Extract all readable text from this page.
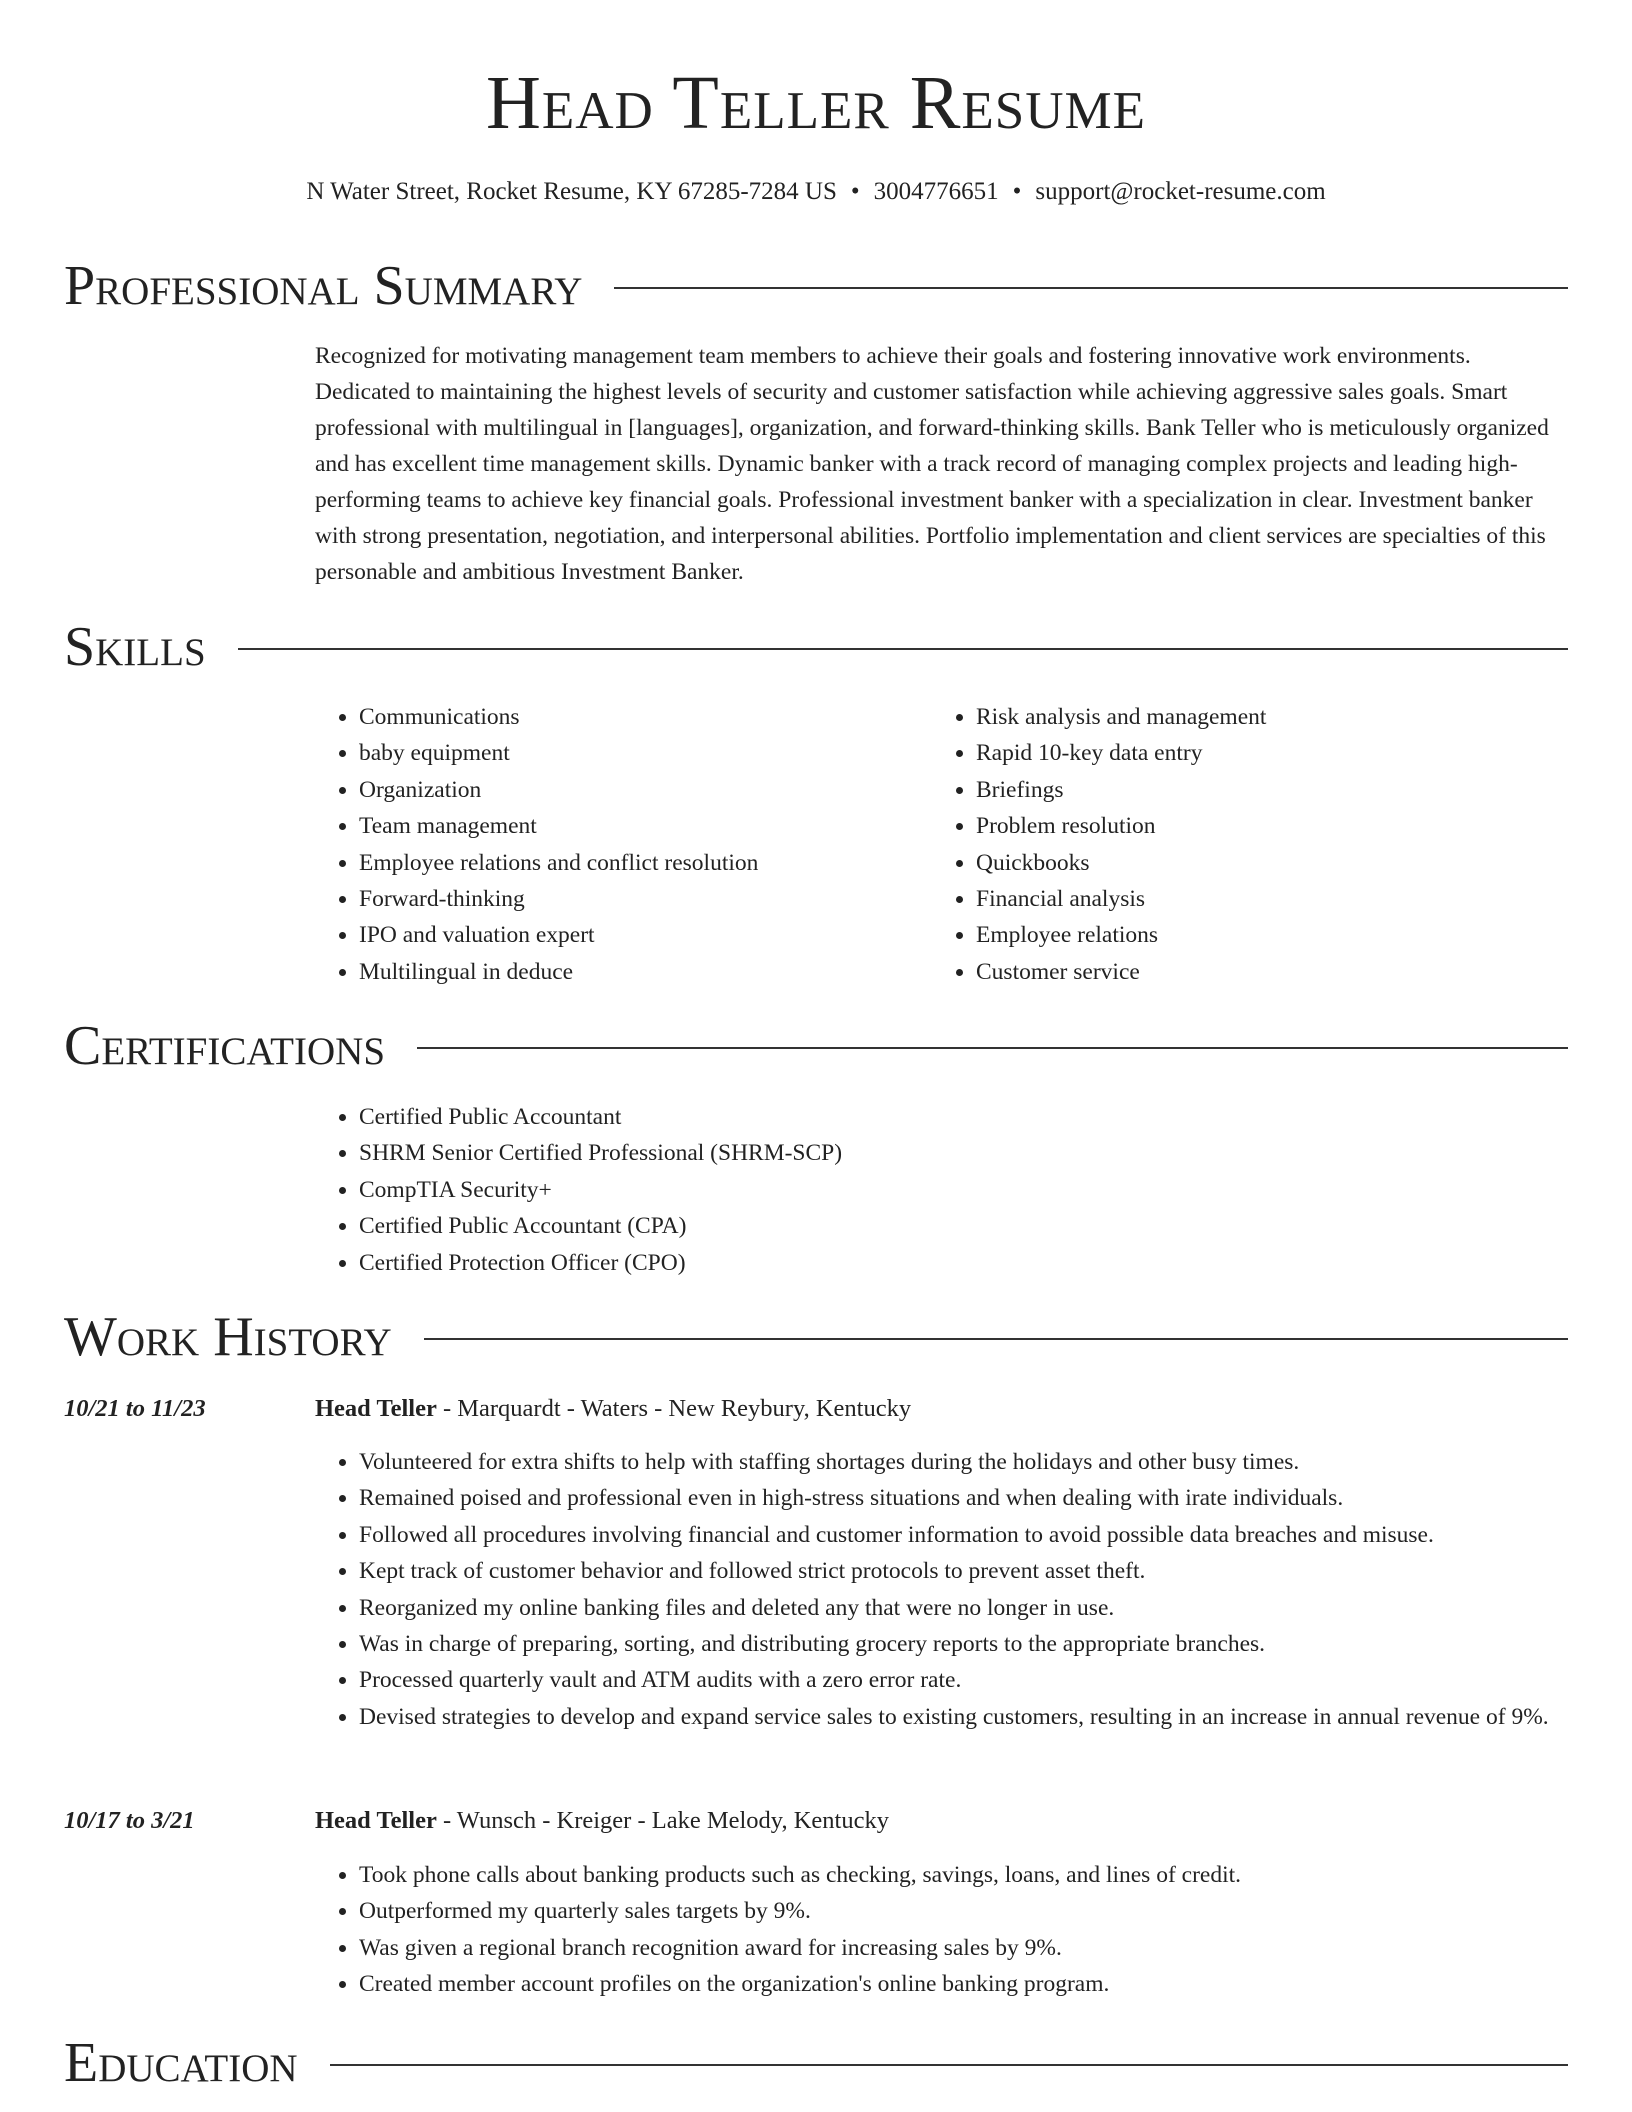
Head Teller Resume
N Water Street, Rocket Resume, KY 67285-7284 US • 3004776651 • support@rocket-resume.com
Professional Summary

Recognized for motivating management team members to achieve their goals and fostering innovative work environments. Dedicated to maintaining the highest levels of security and customer satisfaction while achieving aggressive sales goals. Smart professional with multilingual in [languages], organization, and forward-thinking skills. Bank Teller who is meticulously organized and has excellent time management skills. Dynamic banker with a track record of managing complex projects and leading high-performing teams to achieve key financial goals. Professional investment banker with a specialization in clear. Investment banker with strong presentation, negotiation, and interpersonal abilities. Portfolio implementation and client services are specialties of this personable and ambitious Investment Banker.

Skills
• Communications
• baby equipment
• Organization
• Team management
• Employee relations and conflict resolution
• Forward-thinking
• IPO and valuation expert
• Multilingual in deduce
• Risk analysis and management
• Rapid 10-key data entry
• Briefings
• Problem resolution
• Quickbooks
• Financial analysis
• Employee relations
• Customer service
Certifications
• Certified Public Accountant
• SHRM Senior Certified Professional (SHRM-SCP)
• CompTIA Security+
• Certified Public Accountant (CPA)
• Certified Protection Officer (CPO)
Work History
10/21 to 11/23	Head Teller - Marquardt - Waters - New Reybury, Kentucky
• Volunteered for extra shifts to help with staffing shortages during the holidays and other busy times.
• Remained poised and professional even in high-stress situations and when dealing with irate individuals.
• Followed all procedures involving financial and customer information to avoid possible data breaches and misuse.
• Kept track of customer behavior and followed strict protocols to prevent asset theft.
• Reorganized my online banking files and deleted any that were no longer in use.
• Was in charge of preparing, sorting, and distributing grocery reports to the appropriate branches.
• Processed quarterly vault and ATM audits with a zero error rate.
• Devised strategies to develop and expand service sales to existing customers, resulting in an increase in annual revenue of 9%.
10/17 to 3/21	Head Teller - Wunsch - Kreiger - Lake Melody, Kentucky
• Took phone calls about banking products such as checking, savings, loans, and lines of credit.
• Outperformed my quarterly sales targets by 9%.
• Was given a regional branch recognition award for increasing sales by 9%.
• Created member account profiles on the organization's online banking program.
Education
